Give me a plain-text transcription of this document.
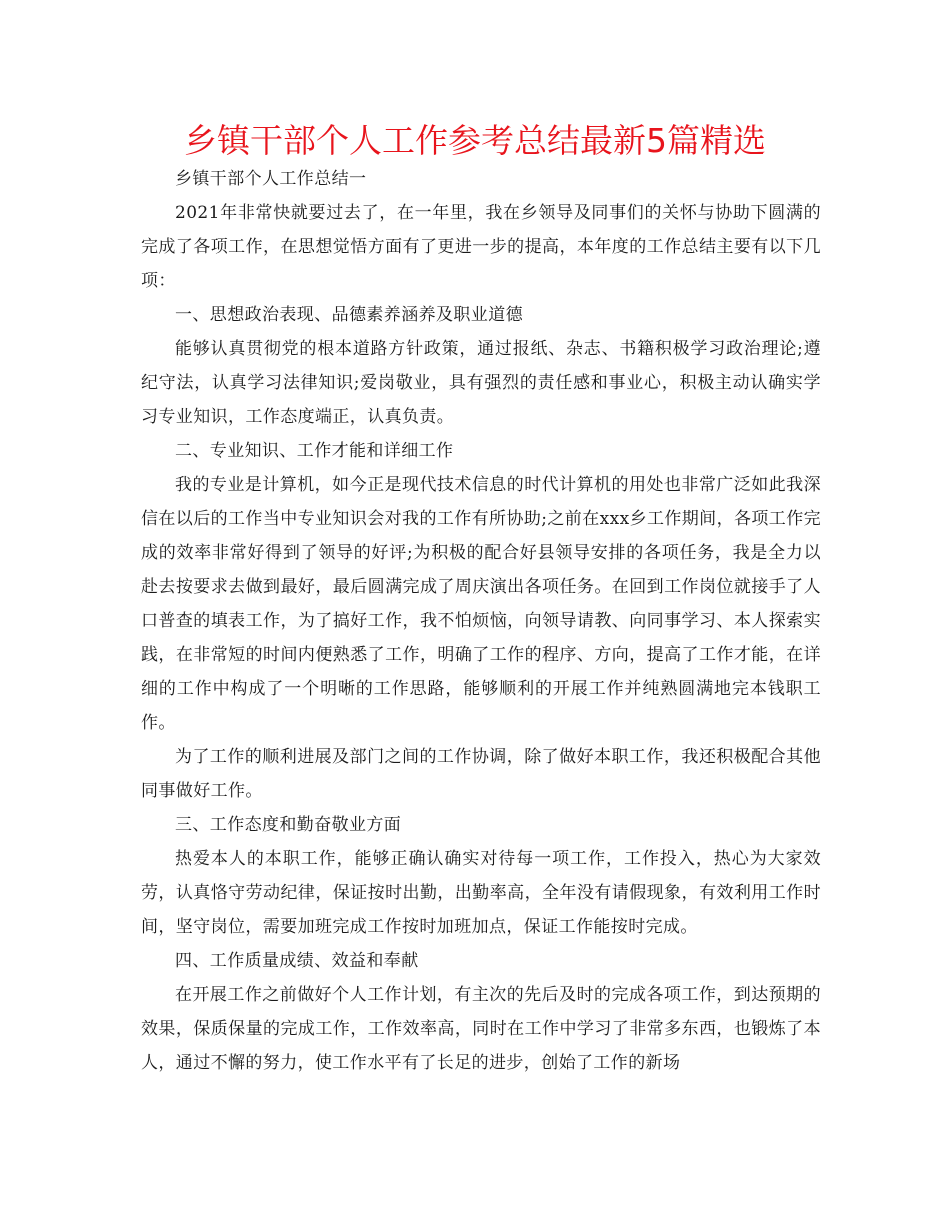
乡镇干部个人工作参考总结最新5篇精选

乡镇干部个人工作总结一

2021年非常快就要过去了，在一年里，我在乡领导及同事们的关怀与协助下圆满的完成了各项工作，在思想觉悟方面有了更进一步的提高，本年度的工作总结主要有以下几项：

一、思想政治表现、品德素养涵养及职业道德

能够认真贯彻党的根本道路方针政策，通过报纸、杂志、书籍积极学习政治理论;遵纪守法，认真学习法律知识;爱岗敬业，具有强烈的责任感和事业心，积极主动认确实学习专业知识，工作态度端正，认真负责。

二、专业知识、工作才能和详细工作

我的专业是计算机，如今正是现代技术信息的时代计算机的用处也非常广泛如此我深信在以后的工作当中专业知识会对我的工作有所协助;之前在xxx乡工作期间，各项工作完成的效率非常好得到了领导的好评;为积极的配合好县领导安排的各项任务，我是全力以赴去按要求去做到最好，最后圆满完成了周庆演出各项任务。在回到工作岗位就接手了人口普查的填表工作，为了搞好工作，我不怕烦恼，向领导请教、向同事学习、本人探索实践，在非常短的时间内便熟悉了工作，明确了工作的程序、方向，提高了工作才能，在详细的工作中构成了一个明晰的工作思路，能够顺利的开展工作并纯熟圆满地完本钱职工作。

为了工作的顺利进展及部门之间的工作协调，除了做好本职工作，我还积极配合其他同事做好工作。

三、工作态度和勤奋敬业方面

热爱本人的本职工作，能够正确认确实对待每一项工作，工作投入，热心为大家效劳，认真恪守劳动纪律，保证按时出勤，出勤率高，全年没有请假现象，有效利用工作时间，坚守岗位，需要加班完成工作按时加班加点，保证工作能按时完成。

四、工作质量成绩、效益和奉献

在开展工作之前做好个人工作计划，有主次的先后及时的完成各项工作，到达预期的效果，保质保量的完成工作，工作效率高，同时在工作中学习了非常多东西，也锻炼了本人，通过不懈的努力，使工作水平有了长足的进步，创始了工作的新场
